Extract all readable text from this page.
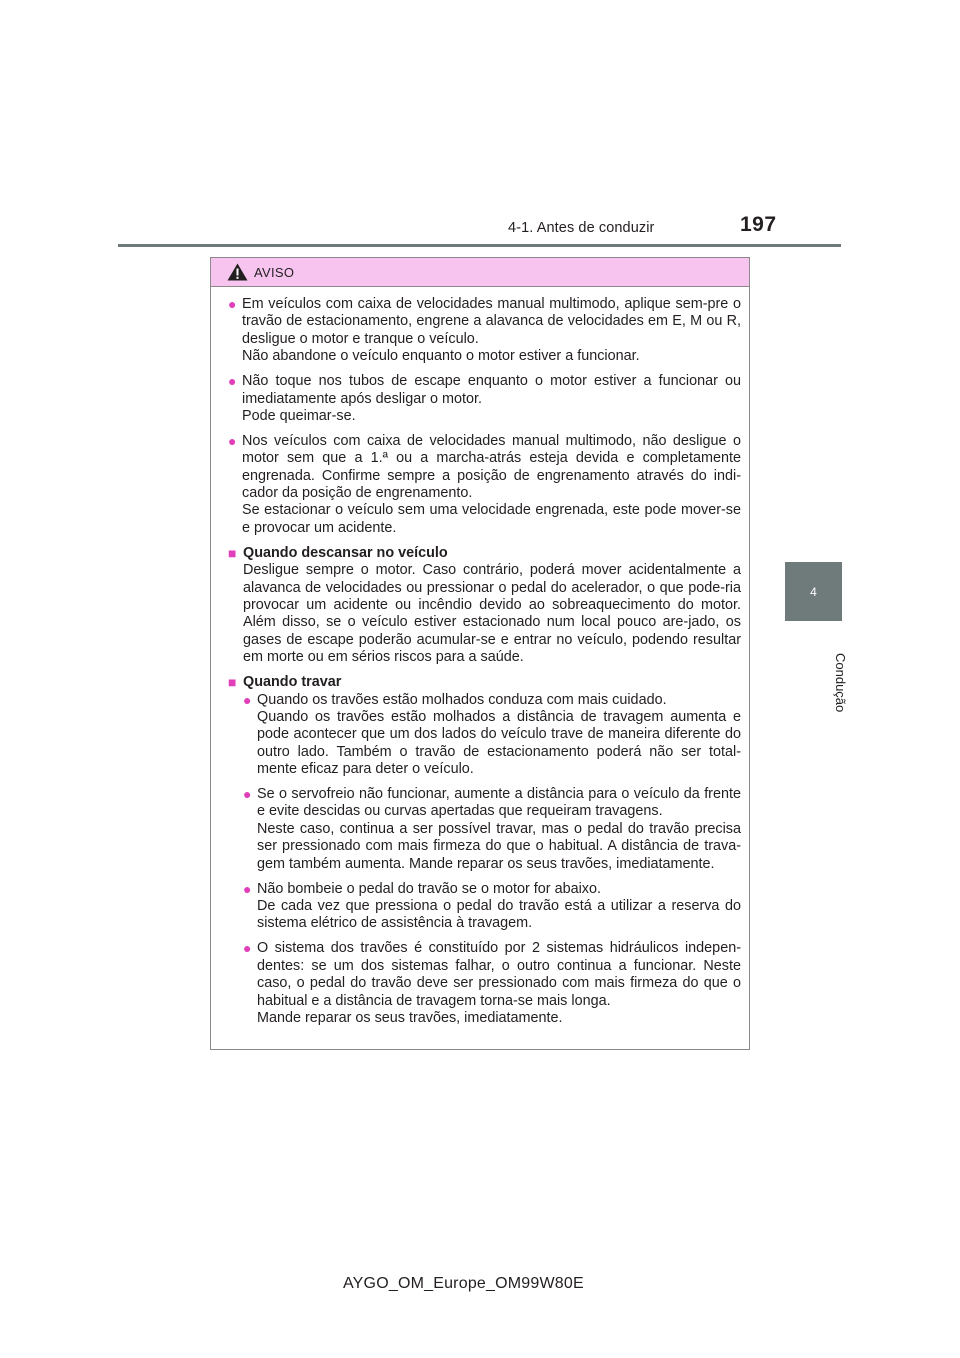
4-1. Antes de conduzir	197
4
Condução
AVISO
● Em veículos com caixa de velocidades manual multimodo, aplique sem-pre o travão de estacionamento, engrene a alavanca de velocidades em E, M ou R, desligue o motor e tranque o veículo.

Não abandone o veículo enquanto o motor estiver a funcionar.

● Não toque nos tubos de escape enquanto o motor estiver a funcionar ou imediatamente após desligar o motor.

Pode queimar-se.

● Nos veículos com caixa de velocidades manual multimodo, não desligue o motor sem que a 1.ª ou a marcha-atrás esteja devida e completamente engrenada. Confirme sempre a posição de engrenamento através do indi-cador da posição de engrenamento.

Se estacionar o veículo sem uma velocidade engrenada, este pode mover-se e provocar um acidente.

■ Quando descansar no veículo

Desligue sempre o motor. Caso contrário, poderá mover acidentalmente a alavanca de velocidades ou pressionar o pedal do acelerador, o que pode-ria provocar um acidente ou incêndio devido ao sobreaquecimento do motor. Além disso, se o veículo estiver estacionado num local pouco are-jado, os gases de escape poderão acumular-se e entrar no veículo, podendo resultar em morte ou em sérios riscos para a saúde.

■ Quando travar
● Quando os travões estão molhados conduza com mais cuidado.

Quando os travões estão molhados a distância de travagem aumenta e pode acontecer que um dos lados do veículo trave de maneira diferente do outro lado. Também o travão de estacionamento poderá não ser total-mente eficaz para deter o veículo.

● Se o servofreio não funcionar, aumente a distância para o veículo da frente e evite descidas ou curvas apertadas que requeiram travagens.

Neste caso, continua a ser possível travar, mas o pedal do travão precisa ser pressionado com mais firmeza do que o habitual. A distância de trava-gem também aumenta. Mande reparar os seus travões, imediatamente.

● Não bombeie o pedal do travão se o motor for abaixo.

De cada vez que pressiona o pedal do travão está a utilizar a reserva do sistema elétrico de assistência à travagem.

● O sistema dos travões é constituído por 2 sistemas hidráulicos indepen-dentes: se um dos sistemas falhar, o outro continua a funcionar. Neste caso, o pedal do travão deve ser pressionado com mais firmeza do que o habitual e a distância de travagem torna-se mais longa.

Mande reparar os seus travões, imediatamente.

AYGO_OM_Europe_OM99W80E
